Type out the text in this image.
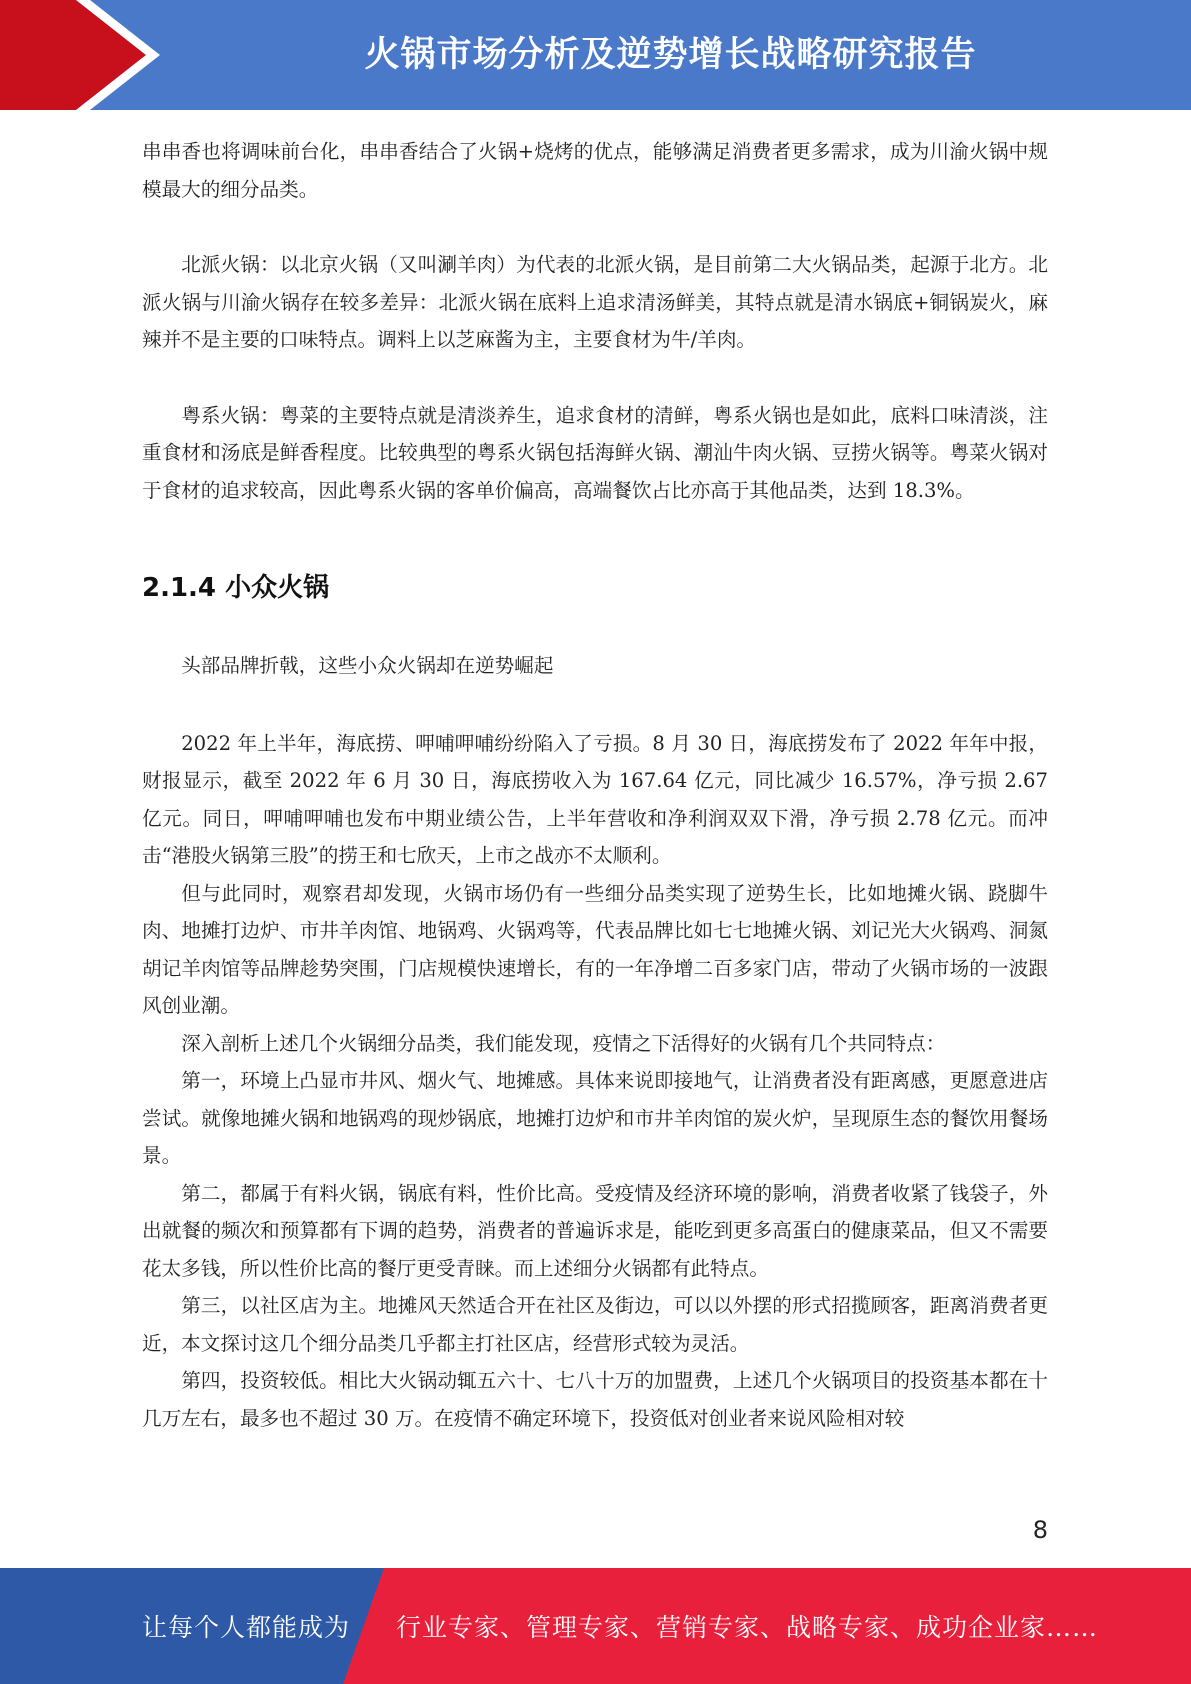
火锅市场分析及逆势增长战略研究报告

串串香也将调味前台化，串串香结合了火锅+烧烤的优点，能够满足消费者更多需求，成为川渝火锅中规模最大的细分品类。

北派火锅：以北京火锅（又叫涮羊肉）为代表的北派火锅，是目前第二大火锅品类，起源于北方。北派火锅与川渝火锅存在较多差异：北派火锅在底料上追求清汤鲜美，其特点就是清水锅底+铜锅炭火，麻辣并不是主要的口味特点。调料上以芝麻酱为主，主要食材为牛/羊肉。

粤系火锅：粤菜的主要特点就是清淡养生，追求食材的清鲜，粤系火锅也是如此，底料口味清淡，注重食材和汤底是鲜香程度。比较典型的粤系火锅包括海鲜火锅、潮汕牛肉火锅、豆捞火锅等。粤菜火锅对于食材的追求较高，因此粤系火锅的客单价偏高，高端餐饮占比亦高于其他品类，达到 18.3%。

2.1.4 小众火锅

头部品牌折戟，这些小众火锅却在逆势崛起

2022 年上半年，海底捞、呷哺呷哺纷纷陷入了亏损。8 月 30 日，海底捞发布了 2022 年年中报，财报显示，截至 2022 年 6 月 30 日，海底捞收入为 167.64 亿元，同比减少 16.57%，净亏损 2.67 亿元。同日，呷哺呷哺也发布中期业绩公告，上半年营收和净利润双双下滑，净亏损 2.78 亿元。而冲击“港股火锅第三股”的捞王和七欣天，上市之战亦不太顺利。

但与此同时，观察君却发现，火锅市场仍有一些细分品类实现了逆势生长，比如地摊火锅、跷脚牛肉、地摊打边炉、市井羊肉馆、地锅鸡、火锅鸡等，代表品牌比如七七地摊火锅、刘记光大火锅鸡、洞氮胡记羊肉馆等品牌趁势突围，门店规模快速增长，有的一年净增二百多家门店，带动了火锅市场的一波跟风创业潮。

深入剖析上述几个火锅细分品类，我们能发现，疫情之下活得好的火锅有几个共同特点：

第一，环境上凸显市井风、烟火气、地摊感。具体来说即接地气，让消费者没有距离感，更愿意进店尝试。就像地摊火锅和地锅鸡的现炒锅底，地摊打边炉和市井羊肉馆的炭火炉，呈现原生态的餐饮用餐场景。

第二，都属于有料火锅，锅底有料，性价比高。受疫情及经济环境的影响，消费者收紧了钱袋子，外出就餐的频次和预算都有下调的趋势，消费者的普遍诉求是，能吃到更多高蛋白的健康菜品，但又不需要花太多钱，所以性价比高的餐厅更受青睐。而上述细分火锅都有此特点。

第三，以社区店为主。地摊风天然适合开在社区及街边，可以以外摆的形式招揽顾客，距离消费者更近，本文探讨这几个细分品类几乎都主打社区店，经营形式较为灵活。

第四，投资较低。相比大火锅动辄五六十、七八十万的加盟费，上述几个火锅项目的投资基本都在十几万左右，最多也不超过 30 万。在疫情不确定环境下，投资低对创业者来说风险相对较

8
让每个人都能成为 行业专家、管理专家、营销专家、战略专家、成功企业家……
